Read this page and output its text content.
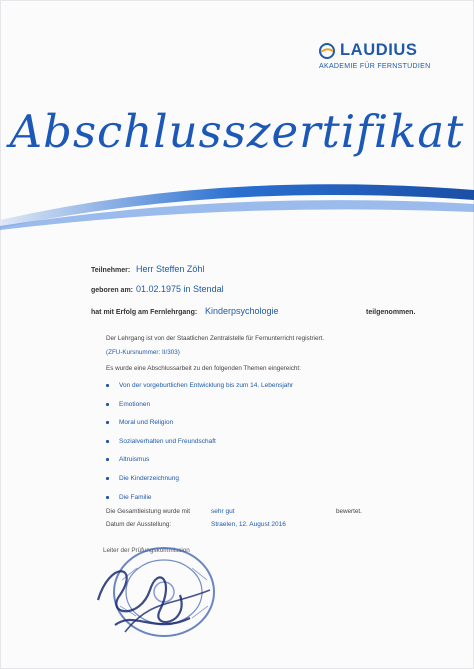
LAUDIUS
AKADEMIE FÜR FERNSTUDIEN
Abschlusszertifikat
Teilnehmer: Herr Steffen Zöhl
geboren am: 01.02.1975 in Stendal
hat mit Erfolg am Fernlehrgang: Kinderpsychologie	teilgenommen.
Der Lehrgang ist von der Staatlichen Zentralstelle für Fernunterricht registriert.
(ZFU-Kursnummer: II/303)
Es wurde eine Abschlussarbeit zu den folgenden Themen eingereicht:
Von der vorgeburtlichen Entwicklung bis zum 14. Lebensjahr
Emotionen
Moral und Religion
Sozialverhalten und Freundschaft
Altruismus
Die Kinderzeichnung
Die Familie
Die Gesamtleistung wurde mit	sehr gut	bewertet.
Datum der Ausstellung:	Straelen, 12. August 2016
Leiter der Prüfungskommission
